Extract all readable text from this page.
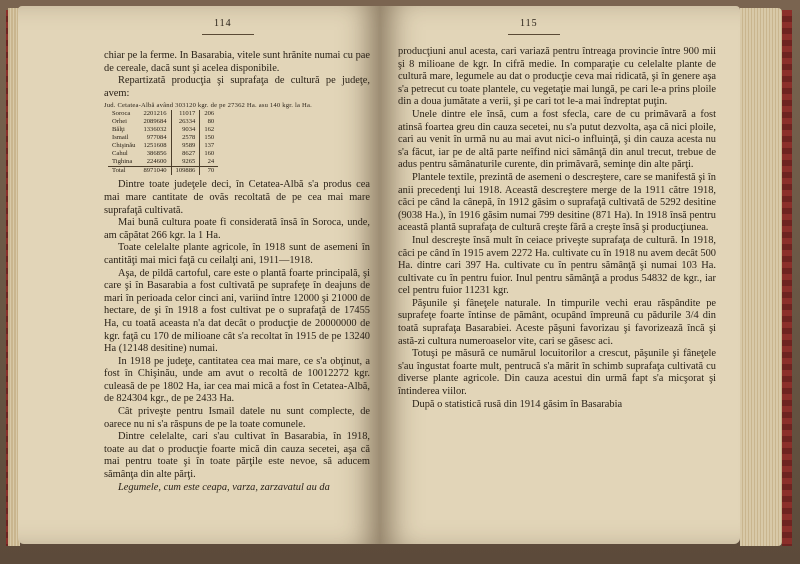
114

chiar pe la ferme. In Basarabia, vitele sunt hrănite numai cu pae de cereale, dacă sunt şi acelea disponibile.

Repartizată producţia şi suprafaţa de cultură pe judeţe, avem:

Jud. Cetatea-Albă având 303120 kgr. de pe 27362 Ha. asu 140 kgr. la Ha.
Soroca	2201216	11017	206
Orhei	2089684	26334	80
Bălţi	1336032	9034	162
Ismail	977084	2578	150
Chişinău	1251608	9589	137
Cahul	386856	8627	160
Tighina	224600	9265	24
Total	8971040	109886	70

Dintre toate judeţele deci, în Cetatea-Albă s'a produs cea mai mare cantitate de ovăs recoltată de pe cea mai mare suprafaţă cultivată.

Mai bună cultura poate fi considerată însă în Soroca, unde, am căpătat 266 kgr. la 1 Ha.

Toate celelalte plante agricole, în 1918 sunt de asemeni în cantităţi mai mici faţă cu ceilalţi ani, 1911—1918.

Aşa, de pildă cartoful, care este o plantă foarte principală, şi care şi în Basarabia a fost cultivată pe suprafeţe în deajuns de mari în perioada celor cinci ani, variind între 12000 şi 21000 de hectare, de şi în 1918 a fost cultivat pe o suprafaţă de 17455 Ha, cu toată aceasta n'a dat decât o producţie de 20000000 de kgr. faţă cu 170 de milioane cât s'a recoltat în 1915 de pe 13240 Ha (12148 desitine) numai.

In 1918 pe judeţe, cantitatea cea mai mare, ce s'a obţinut, a fost în Chişinău, unde am avut o recoltă de 10012272 kgr. culeasă de pe 1802 Ha, iar cea mai mică a fost în Cetatea-Albă, de 824304 kgr., de pe 2433 Ha.

Cât priveşte pentru Ismail datele nu sunt complecte, de oarece nu ni s'a răspuns de pe la toate comunele.

Dintre celelalte, cari s'au cultivat în Basarabia, în 1918, toate au dat o producţie foarte mică din cauza secetei, aşa că mai pentru toate şi în toate părţile este nevoe, să aducem sămânţa din alte părţi.

Legumele, cum este ceapa, varza, zarzavatul au da

115

producţiuni anul acesta, cari variază pentru întreaga provincie între 900 mii şi 8 milioane de kgr. In cifră medie. In comparaţie cu celelalte plante de cultură mare, legumele au dat o producţie ceva mai ridicată, şi în genere aşa s'a petrecut cu toate plantele, cu vegetaţie mai lungă, pe cari le-a prins ploile din a doua jumătate a verii, şi pe cari tot le-a mai îndreptat puţin.

Unele dintre ele însă, cum a fost sfecla, care de cu primăvară a fost atinsă foartea greu din cauza secetei, nu s'a putut dezvolta, aşa că nici ploile, cari au venit în urmă nu au mai avut nici-o influinţă, şi din cauza acesta nu s'a făcut, iar pe de altă parte neîfind nici sămânţă din anul trecut, trebue de adus pentru sămânaturile curente, din primăvară, seminţe din alte părţi.

Plantele textile, prezintă de asemeni o descreştere, care se manifestă şi în anii precedenţi lui 1918. Această descreştere merge de la 1911 către 1918, căci pe când la cânepă, în 1912 găsim o suprafaţă cultivată de 5292 desitine (9038 Ha.), în 1916 găsim numai 799 desitine (871 Ha). In 1918 însă pentru această plantă suprafaţa de cultură creşte fără a creşte însă şi producţiunea.

Inul descreşte însă mult în ceiace priveşte suprafaţa de cultură. In 1918, căci pe când în 1915 avem 2272 Ha. cultivate cu în 1918 nu avem decât 500 Ha. dintre cari 397 Ha. cultivate cu în pentru sămânţă şi numai 103 Ha. cultivate cu în pentru fuior. Inul pentru sămânţă a produs 54832 de kgr., iar cel pentru fuior 11231 kgr.

Păşunile şi fâneţele naturale. In timpurile vechi erau răspândite pe suprafeţe foarte întinse de pământ, ocupând împreună cu pădurile 3/4 din toată suprafaţa Basarabiei. Aceste păşuni favorizau şi favorizează încă şi astă-zi cultura numeroaselor vite, cari se găsesc aci.

Totuşi pe măsură ce numărul locuitorilor a crescut, păşunile şi fâneţele s'au îngustat foarte mult, pentrucă s'a mărit în schimb suprafaţa cultivată cu diverse plante agricole. Din cauza acestui din urmă fapt s'a micşorat şi întinderea viilor.

După o statistică rusă din 1914 găsim în Basarabia
